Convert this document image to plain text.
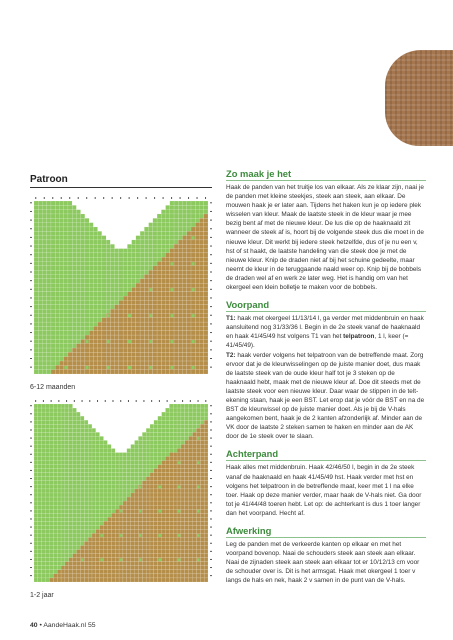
Patroon
6-12 maanden
1-2 jaar

Zo maak je het

Haak de panden van het truitje los van elkaar. Als ze klaar zijn, naai je de panden met kleine steekjes, steek aan steek, aan elkaar. De mouwen haak je er later aan. Tijdens het haken kun je op iedere plek wisselen van kleur. Maak de laatste steek in de kleur waar je mee bezig bent af met de nieuwe kleur. De lus die op de haaknaald zit wanneer de steek af is, hoort bij de volgende steek dus die moet in de nieuwe kleur. Dit werkt bij iedere steek hetzelfde, dus of je nu een v, hst of st haakt, de laatste handeling van die steek doe je met de nieuwe kleur. Knip de draden niet af bij het schuine gedeelte, maar neemt de kleur in de teruggaande naald weer op. Knip bij de bobbels de draden wel af en werk ze later weg. Het is handig om van het okergeel een klein bolletje te maken voor de bobbels.

Voorpand

T1: haak met okergeel 11/13/14 l, ga verder met middenbruin en haak aansluitend nog 31/33/36 l. Begin in de 2e steek vanaf de haaknaald en haak 41/45/49 hst volgens T1 van het telpatroon, 1 l, keer (= 41/45/49).

T2: haak verder volgens het telpatroon van de betreffende maat. Zorg ervoor dat je de kleurwisselingen op de juiste manier doet, dus maak de laatste steek van de oude kleur half tot je 3 steken op de haaknaald hebt, maak met de nieuwe kleur af. Doe dit steeds met de laatste steek voor een nieuwe kleur. Daar waar de stippen in de teltekening staan, haak je een BST. Let erop dat je vóór de BST en na de BST de kleurwissel op de juiste manier doet. Als je bij de V-hals aangekomen bent, haak je de 2 kanten afzonderlijk af. Minder aan de VK door de laatste 2 steken samen te haken en minder aan de AK door de 1e steek over te slaan.

Achterpand

Haak alles met middenbruin. Haak 42/46/50 l, begin in de 2e steek vanaf de haaknaald en haak 41/45/49 hst. Haak verder met hst en volgens het telpatroon in de betreffende maat, keer met 1 l na elke toer. Haak op deze manier verder, maar haak de V-hals niet. Ga door tot je 41/44/48 toeren hebt. Let op: de achterkant is dus 1 toer langer dan het voorpand. Hecht af.

Afwerking

Leg de panden met de verkeerde kanten op elkaar en met het voorpand bovenop. Naai de schouders steek aan steek aan elkaar. Naai de zijnaden steek aan steek aan elkaar tot er 10/12/13 cm voor de schouder over is. Dit is het armsgat. Haak met okergeel 1 toer v langs de hals en nek, haak 2 v samen in de punt van de V-hals.

40 • AandeHaak.nl 55
